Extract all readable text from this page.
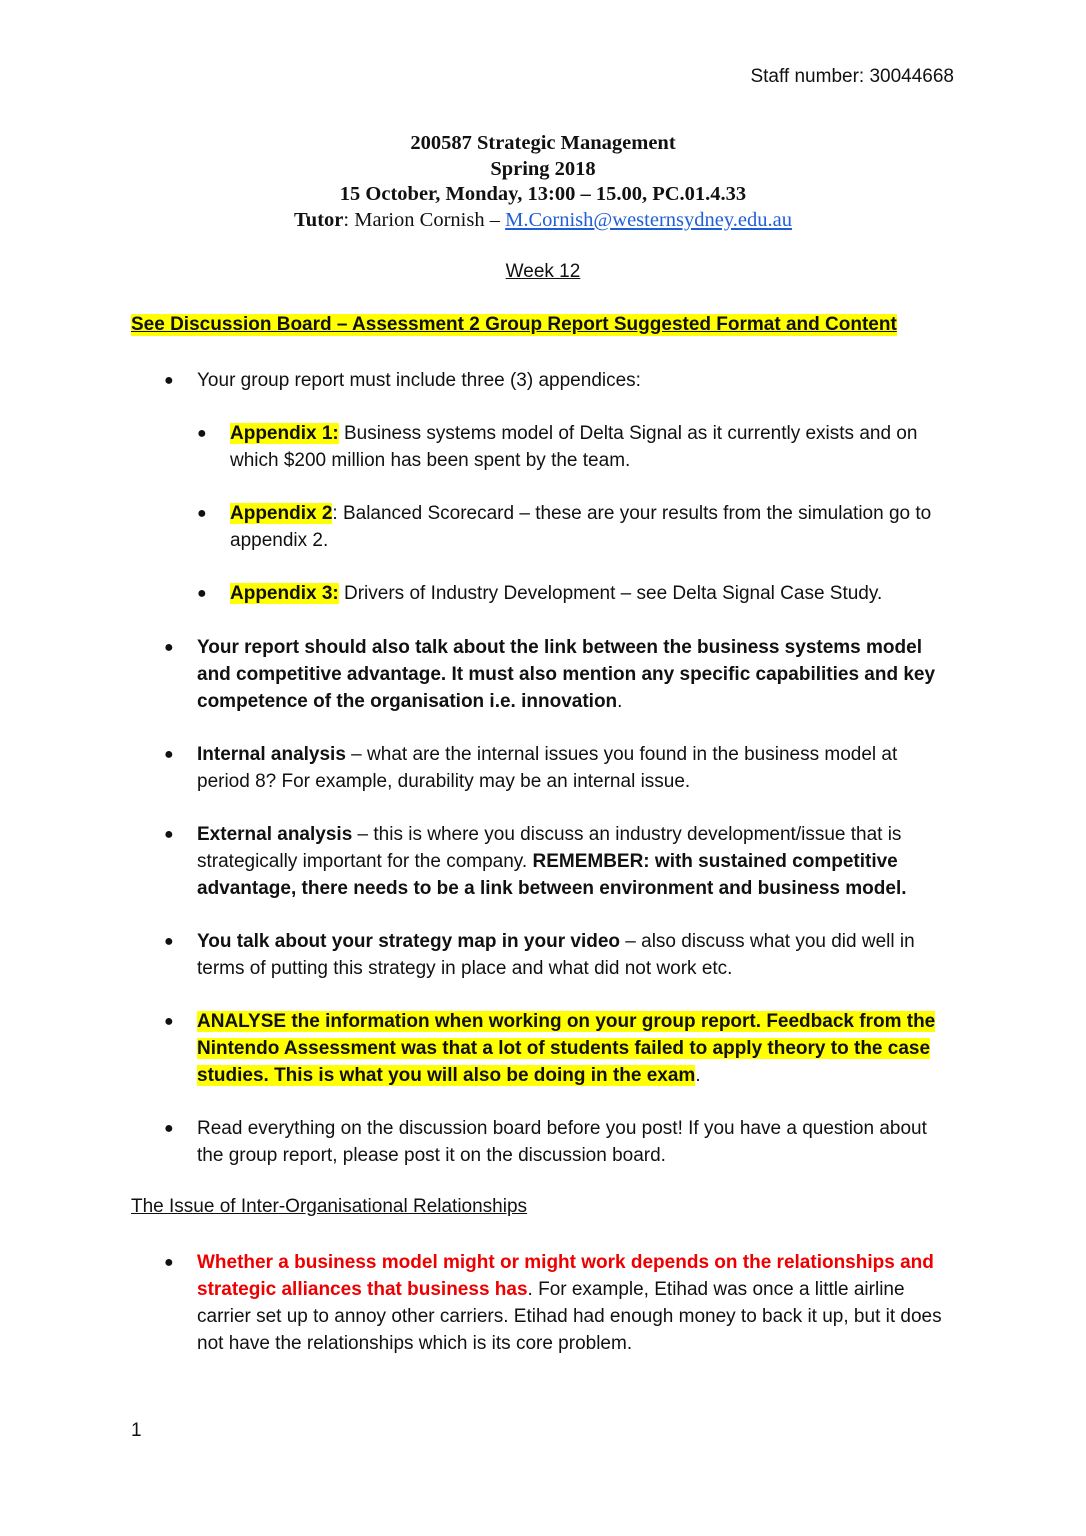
Staff number: 30044668
200587 Strategic Management
Spring 2018
15 October, Monday, 13:00 – 15.00, PC.01.4.33
Tutor: Marion Cornish – M.Cornish@westernsydney.edu.au
Week 12
See Discussion Board – Assessment 2 Group Report Suggested Format and Content
● Your group report must include three (3) appendices:
● Appendix 1: Business systems model of Delta Signal as it currently exists and on which $200 million has been spent by the team.
● Appendix 2: Balanced Scorecard – these are your results from the simulation go to appendix 2.
● Appendix 3: Drivers of Industry Development – see Delta Signal Case Study.
● Your report should also talk about the link between the business systems model and competitive advantage. It must also mention any specific capabilities and key competence of the organisation i.e. innovation.
● Internal analysis – what are the internal issues you found in the business model at period 8? For example, durability may be an internal issue.
● External analysis – this is where you discuss an industry development/issue that is strategically important for the company. REMEMBER: with sustained competitive advantage, there needs to be a link between environment and business model.
● You talk about your strategy map in your video – also discuss what you did well in terms of putting this strategy in place and what did not work etc.
● ANALYSE the information when working on your group report. Feedback from the Nintendo Assessment was that a lot of students failed to apply theory to the case studies. This is what you will also be doing in the exam.
● Read everything on the discussion board before you post! If you have a question about the group report, please post it on the discussion board.
The Issue of Inter-Organisational Relationships
● Whether a business model might or might work depends on the relationships and strategic alliances that business has. For example, Etihad was once a little airline carrier set up to annoy other carriers. Etihad had enough money to back it up, but it does not have the relationships which is its core problem.
1
